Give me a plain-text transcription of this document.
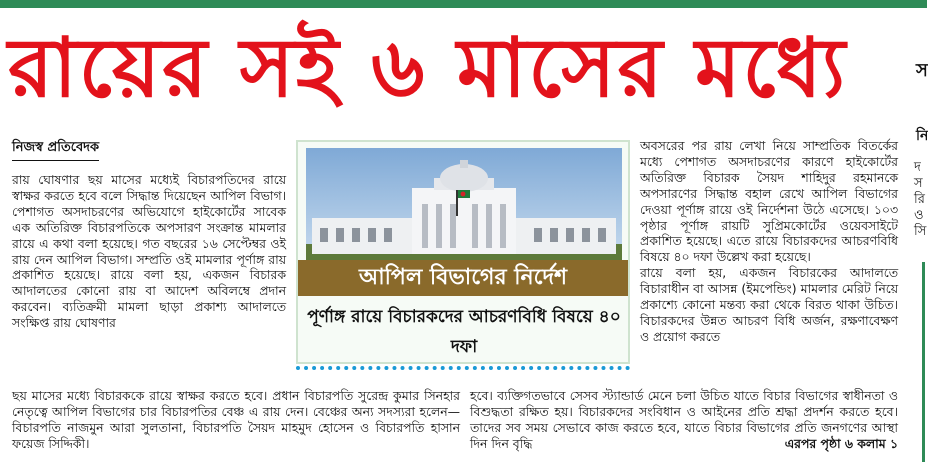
রায়ের সই ৬ মাসের মধ্যে	স
নি
দ স রি ও সি
নিজস্ব প্রতিবেদক

রায় ঘোষণার ছয় মাসের মধ্যেই বিচারপতিদের রায়ে স্বাক্ষর করতে হবে বলে সিদ্ধান্ত দিয়েছেন আপিল বিভাগ। পেশাগত অসদাচরণের অভিযোগে হাইকোর্টের সাবেক এক অতিরিক্ত বিচারপতিকে অপসারণ সংক্রান্ত মামলার রায়ে এ কথা বলা হয়েছে। গত বছরের ১৬ সেপ্টেম্বর ওই রায় দেন আপিল বিভাগ। সম্প্রতি ওই মামলার পূর্ণাঙ্গ রায় প্রকাশিত হয়েছে। রায়ে বলা হয়, একজন বিচারক আদালতের কোনো রায় বা আদেশ অবিলম্বে প্রদান করবেন। ব্যতিক্রমী মামলা ছাড়া প্রকাশ্য আদালতে সংক্ষিপ্ত রায় ঘোষণার

আপিল বিভাগের নির্দেশ
পূর্ণাঙ্গ রায়ে বিচারকদের আচরণবিধি বিষয়ে ৪০ দফা

অবসরের পর রায় লেখা নিয়ে সাম্প্রতিক বিতর্কের মধ্যে পেশাগত অসদাচরণের কারণে হাইকোর্টের অতিরিক্ত বিচারক সৈয়দ শাহিদুর রহমানকে অপসারণের সিদ্ধান্ত বহাল রেখে আপিল বিভাগের দেওয়া পূর্ণাঙ্গ রায়ে ওই নির্দেশনা উঠে এসেছে। ১০৩ পৃষ্ঠার পূর্ণাঙ্গ রায়টি সুপ্রিমকোর্টের ওয়েবসাইটে প্রকাশিত হয়েছে। এতে রায়ে বিচারকদের আচরণবিধি বিষয়ে ৪০ দফা উল্লেখ করা হয়েছে।

রায়ে বলা হয়, একজন বিচারকের আদালতে বিচারাধীন বা আসন্ন (ইমপেন্ডিং) মামলার মেরিট নিয়ে প্রকাশ্যে কোনো মন্তব্য করা থেকে বিরত থাকা উচিত। বিচারকদের উন্নত আচরণ বিধি অর্জন, রক্ষণাবেক্ষণ ও প্রয়োগ করতে

ছয় মাসের মধ্যে বিচারককে রায়ে স্বাক্ষর করতে হবে। প্রধান বিচারপতি সুরেন্দ্র কুমার সিনহার নেতৃত্বে আপিল বিভাগের চার বিচারপতির বেঞ্চ এ রায় দেন। বেঞ্চের অন্য সদস্যরা হলেন— বিচারপতি নাজমুন আরা সুলতানা, বিচারপতি সৈয়দ মাহমুদ হোসেন ও বিচারপতি হাসান ফয়েজ সিদ্দিকী।

হবে। ব্যক্তিগতভাবে সেসব স্ট্যান্ডার্ড মেনে চলা উচিত যাতে বিচার বিভাগের স্বাধীনতা ও বিশুদ্ধতা রক্ষিত হয়। বিচারকদের সংবিধান ও আইনের প্রতি শ্রদ্ধা প্রদর্শন করতে হবে। তাদের সব সময় সেভাবে কাজ করতে হবে, যাতে বিচার বিভাগের প্রতি জনগণের আস্থা দিন দিন বৃদ্ধি	এরপর পৃষ্ঠা ৬ কলাম ১
